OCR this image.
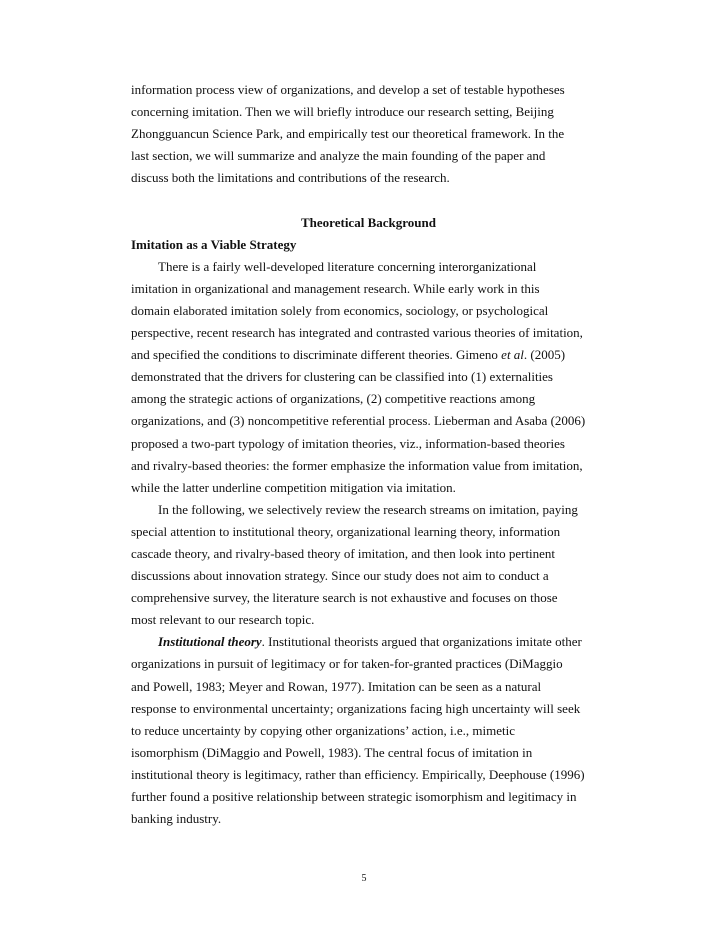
information process view of organizations, and develop a set of testable hypotheses
concerning imitation. Then we will briefly introduce our research setting, Beijing
Zhongguancun Science Park, and empirically test our theoretical framework. In the
last section, we will summarize and analyze the main founding of the paper and
discuss both the limitations and contributions of the research.
Theoretical Background
Imitation as a Viable Strategy
There is a fairly well-developed literature concerning interorganizational
imitation in organizational and management research. While early work in this
domain elaborated imitation solely from economics, sociology, or psychological
perspective, recent research has integrated and contrasted various theories of imitation,
and specified the conditions to discriminate different theories. Gimeno et al. (2005)
demonstrated that the drivers for clustering can be classified into (1) externalities
among the strategic actions of organizations, (2) competitive reactions among
organizations, and (3) noncompetitive referential process. Lieberman and Asaba (2006)
proposed a two-part typology of imitation theories, viz., information-based theories
and rivalry-based theories: the former emphasize the information value from imitation,
while the latter underline competition mitigation via imitation.
In the following, we selectively review the research streams on imitation, paying
special attention to institutional theory, organizational learning theory, information
cascade theory, and rivalry-based theory of imitation, and then look into pertinent
discussions about innovation strategy. Since our study does not aim to conduct a
comprehensive survey, the literature search is not exhaustive and focuses on those
most relevant to our research topic.
Institutional theory. Institutional theorists argued that organizations imitate other
organizations in pursuit of legitimacy or for taken-for-granted practices (DiMaggio
and Powell, 1983; Meyer and Rowan, 1977). Imitation can be seen as a natural
response to environmental uncertainty; organizations facing high uncertainty will seek
to reduce uncertainty by copying other organizations’ action, i.e., mimetic
isomorphism (DiMaggio and Powell, 1983). The central focus of imitation in
institutional theory is legitimacy, rather than efficiency. Empirically, Deephouse (1996)
further found a positive relationship between strategic isomorphism and legitimacy in
banking industry.
5
